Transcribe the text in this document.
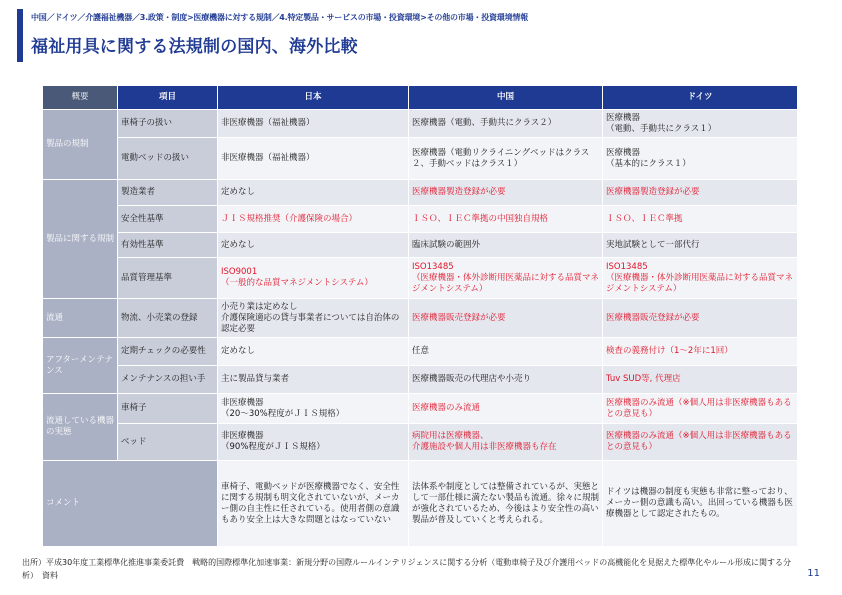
中国／ドイツ／介護福祉機器／3.政策・制度>医療機器に対する規制／4.特定製品・サービスの市場・投資環境>その他の市場・投資環境情報
福祉用具に関する法規制の国内、海外比較
概要	項目	日本	中国	ドイツ
製品の規制	車椅子の扱い	非医療機器（福祉機器）	医療機器（電動、手動共にクラス２）	医療機器
（電動、手動共にクラス１）
	電動ベッドの扱い	非医療機器（福祉機器）	医療機器（電動リクライニングベッドはクラス２、手動ベッドはクラス１）	医療機器
（基本的にクラス１）
製品に関する規制	製造業者	定めなし	医療機器製造登録が必要	医療機器製造登録が必要
	安全性基準	ＪＩＳ規格推奨（介護保険の場合）	ＩＳＯ、ＩＥＣ準拠の中国独自規格	ＩＳＯ、ＩＥＣ準拠
	有効性基準	定めなし	臨床試験の範囲外	実地試験として一部代行
	品質管理基準	ISO9001
（一般的な品質マネジメントシステム）	ISO13485
（医療機器・体外診断用医薬品に対する品質マネジメントシステム）	ISO13485
（医療機器・体外診断用医薬品に対する品質マネジメントシステム）
流通	物流、小売業の登録	小売り業は定めなし
介護保険適応の貸与事業者については自治体の認定必要	医療機器販売登録が必要	医療機器販売登録が必要
アフターメンテナンス	定期チェックの必要性	定めなし	任意	検査の義務付け（1～2年に1回）
	メンテナンスの担い手	主に製品貸与業者	医療機器販売の代理店や小売り	Tuv SUD等, 代理店
流通している機器の実態	車椅子	非医療機器
（20～30%程度がＪＩＳ規格）	医療機器のみ流通	医療機器のみ流通（※個人用は非医療機器もあるとの意見も）
	ベッド	非医療機器
（90%程度がＪＩＳ規格）	病院用は医療機器、
介護施設や個人用は非医療機器も存在	医療機器のみ流通（※個人用は非医療機器もあるとの意見も）
コメント		車椅子、電動ベッドが医療機器でなく、安全性に関する規制も明文化されていないが、メーカー側の自主性に任されている。使用者側の意識もあり安全上は大きな問題とはなっていない	法体系や制度としては整備されているが、実態として一部仕様に満たない製品も流通。徐々に規制が強化されているため、今後はより安全性の高い製品が普及していくと考えられる。	ドイツは機器の制度も実態も非常に整っており、メーカー側の意識も高い。出回っている機器も医療機器として認定されたもの。
出所）平成30年度工業標準化推進事業委託費　戦略的国際標準化加速事業：新規分野の国際ルールインテリジェンスに関する分析（電動車椅子及び介護用ベッドの高機能化を見据えた標準化やルール形成に関する分析）　資料	11
